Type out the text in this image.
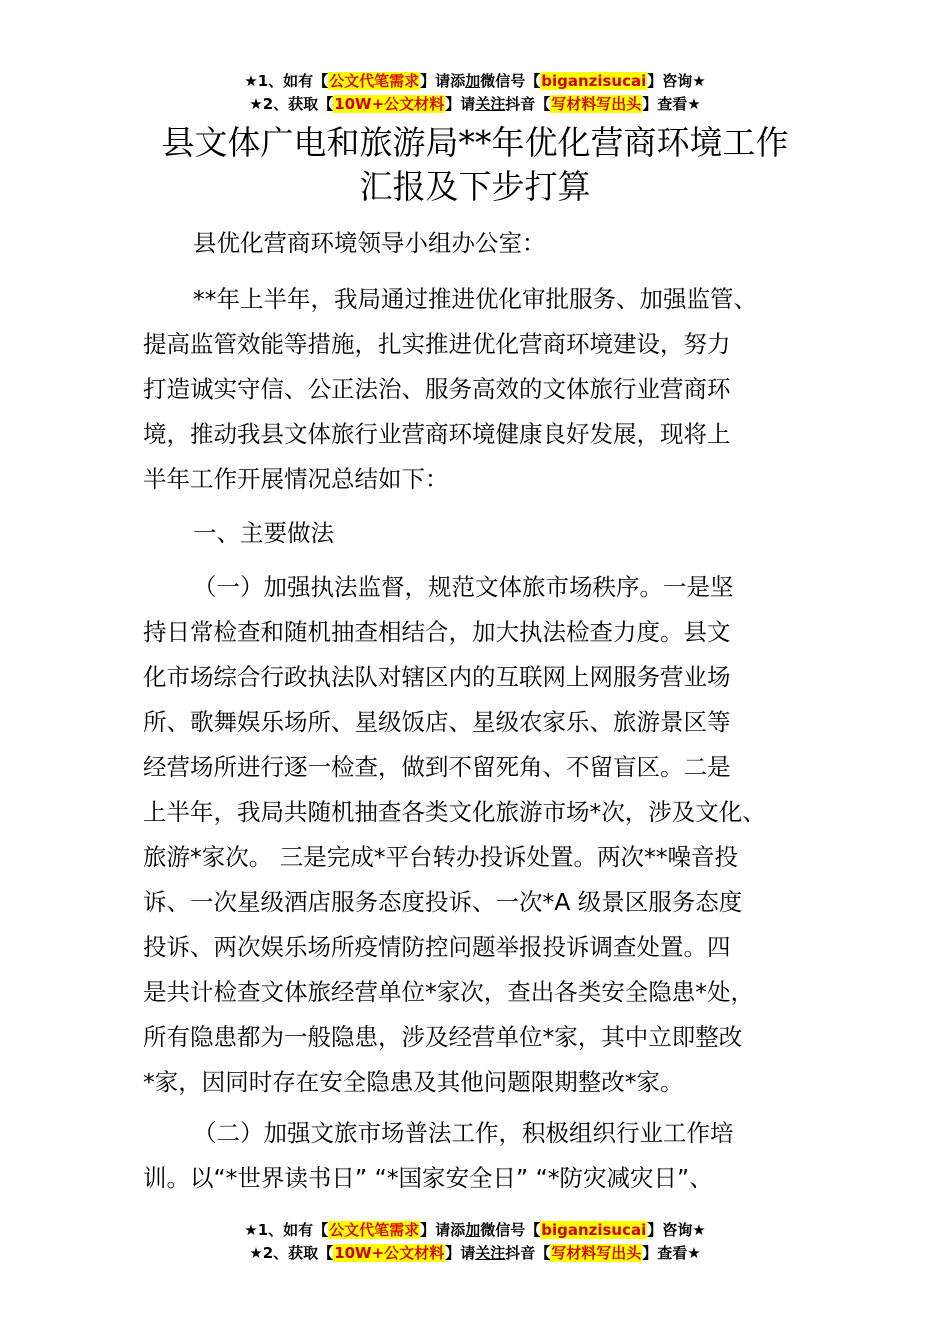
★1、如有【公文代笔需求】请添加微信号【biganzisucai】咨询★
★2、获取【10W+公文材料】请关注抖音【写材料写出头】查看★
县文体广电和旅游局**年优化营商环境工作
汇报及下步打算
县优化营商环境领导小组办公室：
**年上半年，我局通过推进优化审批服务、加强监管、
提高监管效能等措施，扎实推进优化营商环境建设，努力
打造诚实守信、公正法治、服务高效的文体旅行业营商环
境，推动我县文体旅行业营商环境健康良好发展，现将上
半年工作开展情况总结如下：
一、主要做法
（一）加强执法监督，规范文体旅市场秩序。一是坚
持日常检查和随机抽查相结合，加大执法检查力度。县文
化市场综合行政执法队对辖区内的互联网上网服务营业场
所、歌舞娱乐场所、星级饭店、星级农家乐、旅游景区等
经营场所进行逐一检查，做到不留死角、不留盲区。二是
上半年，我局共随机抽查各类文化旅游市场*次，涉及文化、
旅游*家次。 三是完成*平台转办投诉处置。两次**噪音投
诉、一次星级酒店服务态度投诉、一次*A 级景区服务态度
投诉、两次娱乐场所疫情防控问题举报投诉调查处置。四
是共计检查文体旅经营单位*家次，查出各类安全隐患*处，
所有隐患都为一般隐患，涉及经营单位*家，其中立即整改
*家，因同时存在安全隐患及其他问题限期整改*家。
（二）加强文旅市场普法工作，积极组织行业工作培
训。以“*世界读书日” “*国家安全日” “*防灾减灾日”、
★1、如有【公文代笔需求】请添加微信号【biganzisucai】咨询★
★2、获取【10W+公文材料】请关注抖音【写材料写出头】查看★
